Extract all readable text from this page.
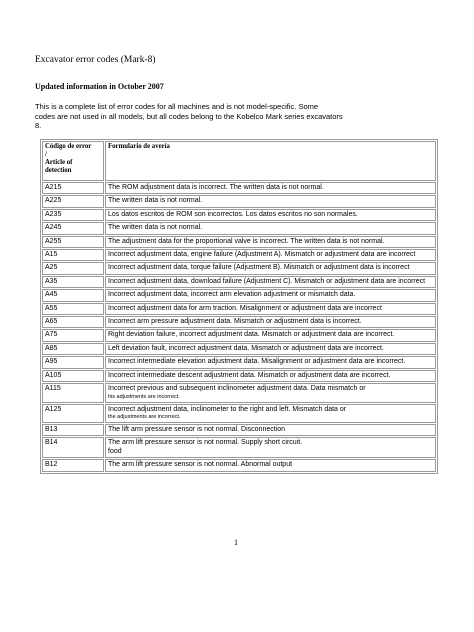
Excavator error codes (Mark-8)
Updated information in October 2007

This is a complete list of error codes for all machines and is not model-specific. Some

codes are not used in all models, but all codes belong to the Kobelco Mark series excavators

8.

Código de error
/
Article of
detection	Formulario de avería
A215	The ROM adjustment data is incorrect. The written data is not normal.

A225	The written data is not normal.

A235	Los datos escritos de ROM son incorrectos. Los datos escritos no son normales.

A245	The written data is not normal.

A255	The adjustment data for the proportional valve is incorrect. The written data is not normal.

A15	Incorrect adjustment data, engine failure (Adjustment A). Mismatch or adjustment data are incorrect

A25	Incorrect adjustment data, torque failure (Adjustment B). Mismatch or adjustment data is incorrect

A35	Incorrect adjustment data, download failure (Adjustment C). Mismatch or adjustment data are incorrect

A45	Incorrect adjustment data, incorrect arm elevation adjustment or mismatch data.

A55	Incorrect adjustment data for arm traction. Misalignment or adjustment data are incorrect

A65	Incorrect arm pressure adjustment data. Mismatch or adjustment data is incorrect.

A75	Right deviation failure, incorrect adjustment data. Mismatch or adjustment data are incorrect.

A85	Left deviation fault, incorrect adjustment data. Mismatch or adjustment data are incorrect.

A95	Incorrect intermediate elevation adjustment data. Misalignment or adjustment data are incorrect.

A105	Incorrect intermediate descent adjustment data. Mismatch or adjustment data are incorrect.

A115	Incorrect previous and subsequent inclinometer adjustment data. Data mismatch or
his adjustments are incorrect.

A125	Incorrect adjustment data, inclinometer to the right and left. Mismatch data or
the adjustments are incorrect.

B13	The lift arm pressure sensor is not normal. Disconnection

B14	The arm lift pressure sensor is not normal. Supply short circuit.
food

B12	The arm lift pressure sensor is not normal. Abnormal output
1
